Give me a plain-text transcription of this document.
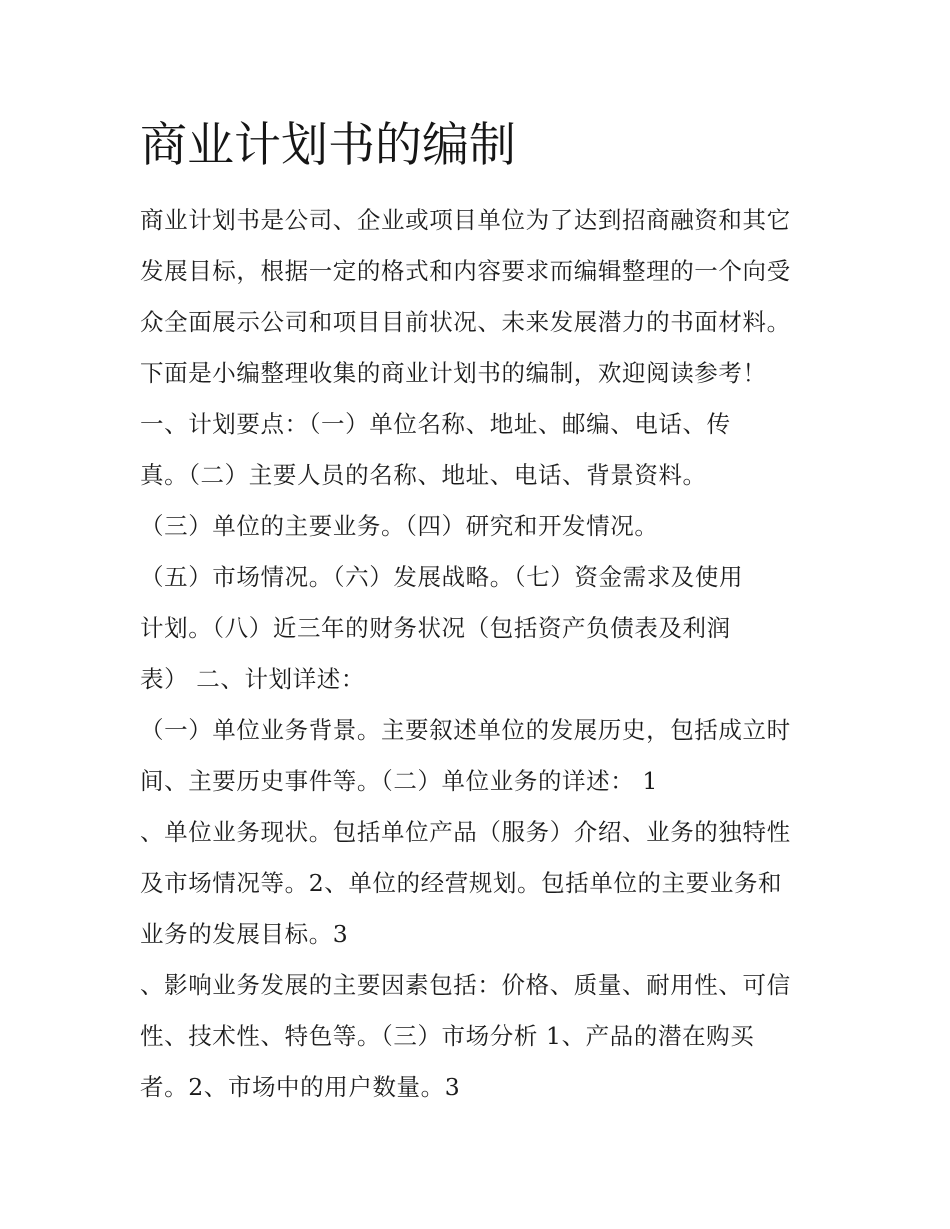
商业计划书的编制
商业计划书是公司、企业或项目单位为了达到招商融资和其它
发展目标，根据一定的格式和内容要求而编辑整理的一个向受
众全面展示公司和项目目前状况、未来发展潜力的书面材料。
下面是小编整理收集的商业计划书的编制，欢迎阅读参考！
一、计划要点：（一）单位名称、地址、邮编、电话、传
真。（二）主要人员的名称、地址、电话、背景资料。
（三）单位的主要业务。（四）研究和开发情况。
（五）市场情况。（六）发展战略。（七）资金需求及使用
计划。（八）近三年的财务状况（包括资产负债表及利润
表） 二、计划详述：
（一）单位业务背景。主要叙述单位的发展历史，包括成立时
间、主要历史事件等。（二）单位业务的详述： 1
、单位业务现状。包括单位产品（服务）介绍、业务的独特性
及市场情况等。2、单位的经营规划。包括单位的主要业务和
业务的发展目标。3
、影响业务发展的主要因素包括：价格、质量、耐用性、可信
性、技术性、特色等。（三）市场分析 1、产品的潜在购买
者。2、市场中的用户数量。3
